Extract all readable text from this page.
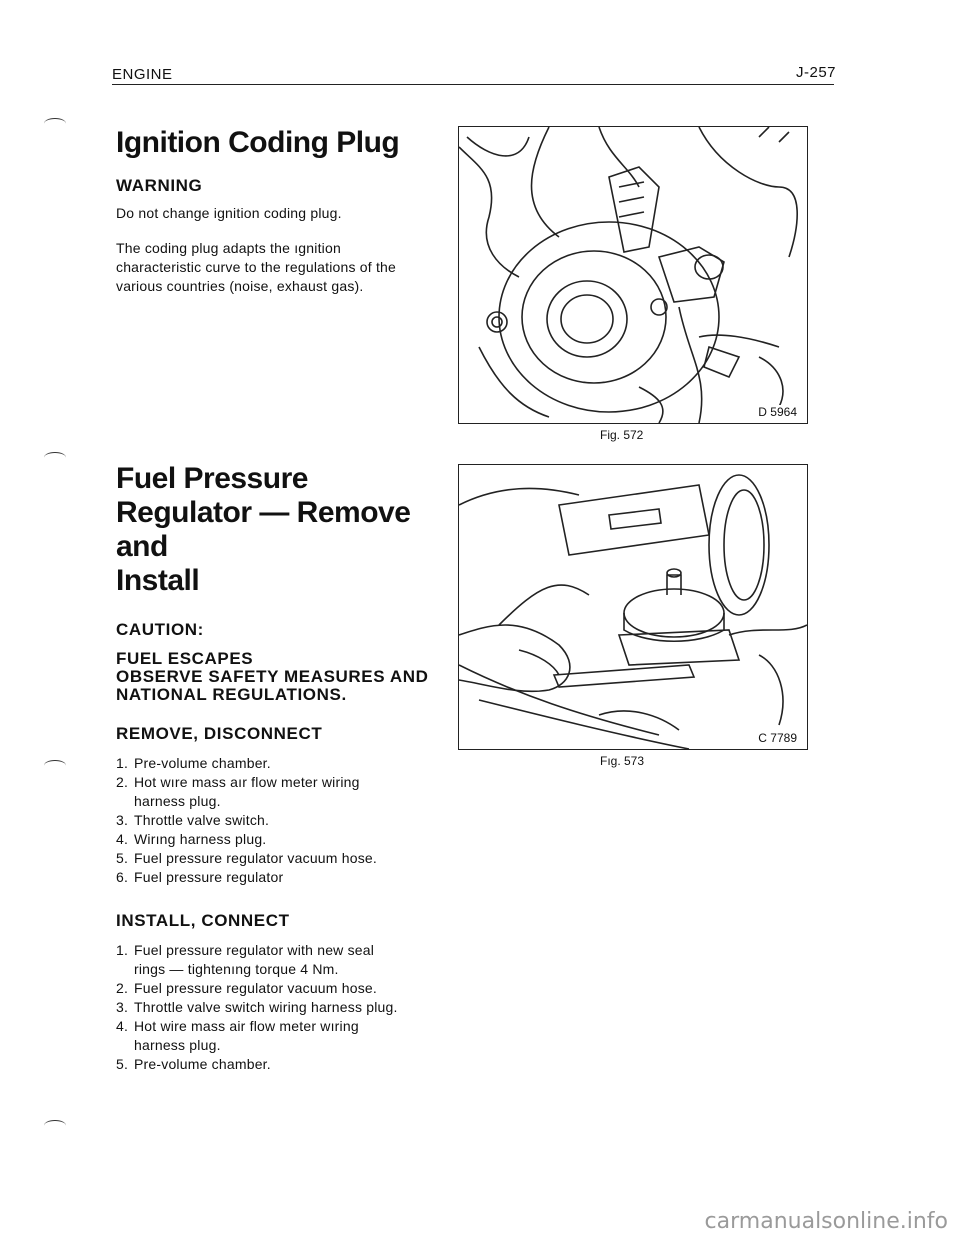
ENGINE	J-257
Ignition Coding Plug
WARNING

Do not change ignition coding plug.

The coding plug adapts the ıgnition

characteristic curve to the regulations of the

various countries (noise, exhaust gas).

Fuel Pressure
Regulator — Remove and
Install
CAUTION:
FUEL ESCAPES
OBSERVE SAFETY MEASURES AND
NATIONAL REGULATIONS.
REMOVE, DISCONNECT
1. Pre-volume chamber.
2. Hot wıre mass aır flow meter wiring
harness plug.
3. Throttle valve switch.
4. Wirıng harness plug.
5. Fuel pressure regulator vacuum hose.
6. Fuel pressure regulator
INSTALL, CONNECT
1. Fuel pressure regulator with new seal
rings — tightenıng torque 4 Nm.
2. Fuel pressure regulator vacuum hose.
3. Throttle valve switch wiring harness plug.
4. Hot wire mass air flow meter wıring
harness plug.
5. Pre-volume chamber.
D 5964
Fig. 572
C 7789
Fıg. 573
carmanualsonline.info
